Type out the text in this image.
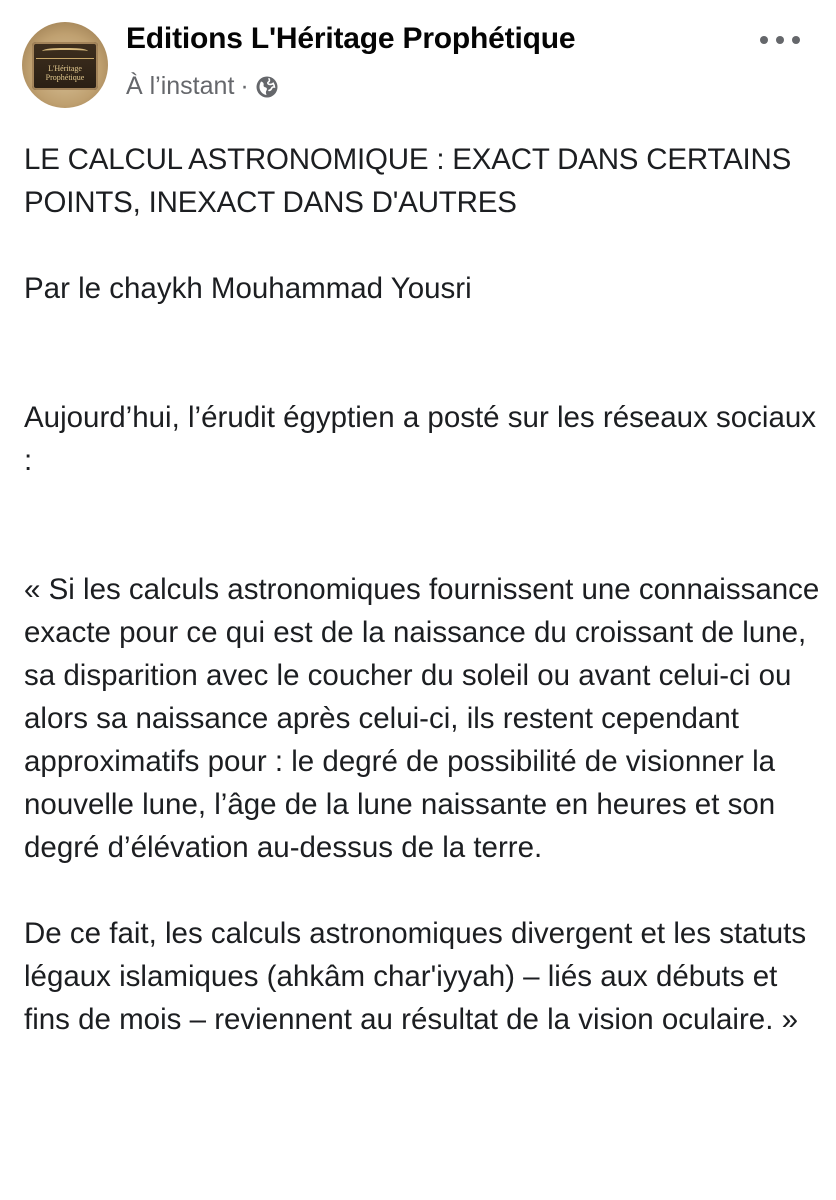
L'Héritage
Prophétique
Editions L'Héritage Prophétique
À l’instant ·

LE CALCUL ASTRONOMIQUE : EXACT DANS CERTAINS POINTS, INEXACT DANS D'AUTRES

Par le chaykh Mouhammad Yousri

Aujourd’hui, l’érudit égyptien a posté sur les réseaux sociaux :

« Si les calculs astronomiques fournissent une connaissance exacte pour ce qui est de la naissance du croissant de lune, sa disparition avec le coucher du soleil ou avant celui-ci ou alors sa naissance après celui-ci, ils restent cependant approximatifs pour : le degré de possibilité de visionner la nouvelle lune, l’âge de la lune naissante en heures et son degré d’élévation au-dessus de la terre.

De ce fait, les calculs astronomiques divergent et les statuts légaux islamiques (ahkâm char'iyyah) – liés aux débuts et fins de mois – reviennent au résultat de la vision oculaire. »
